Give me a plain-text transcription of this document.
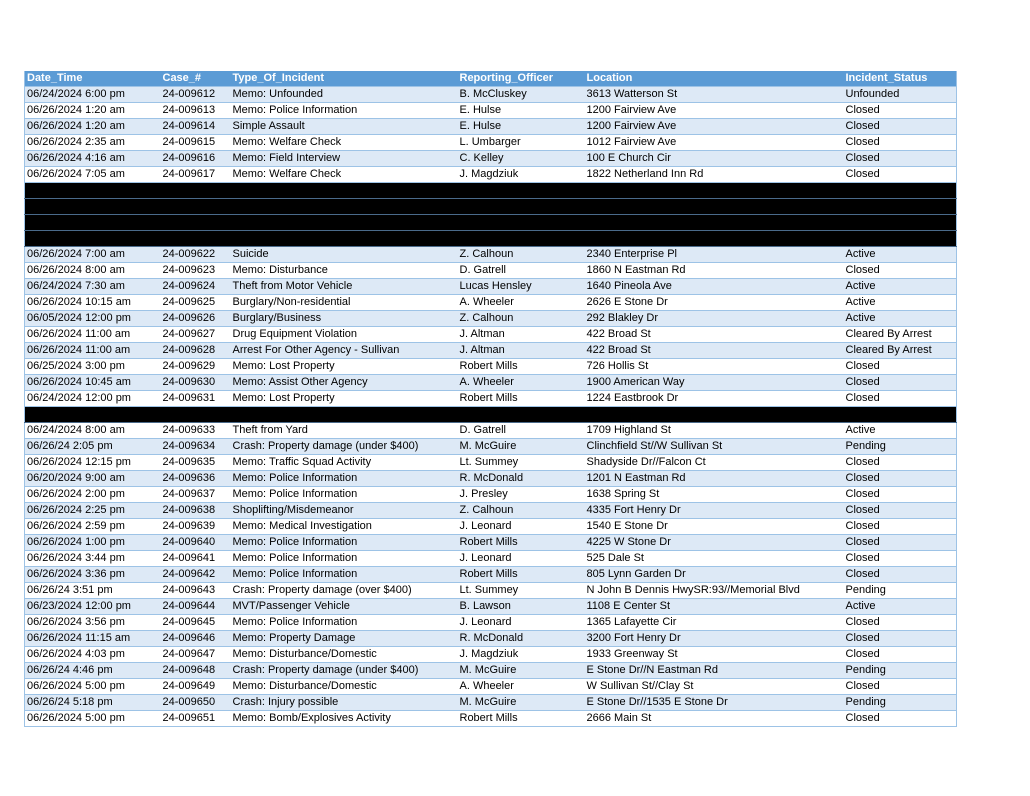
Date_Time	Case_#	Type_Of_Incident	Reporting_Officer	Location	Incident_Status
06/24/2024 6:00 pm	24-009612	Memo: Unfounded	B. McCluskey	3613 Watterson St	Unfounded
06/26/2024 1:20 am	24-009613	Memo: Police Information	E. Hulse	1200 Fairview Ave	Closed
06/26/2024 1:20 am	24-009614	Simple Assault	E. Hulse	1200 Fairview Ave	Closed
06/26/2024 2:35 am	24-009615	Memo: Welfare Check	L. Umbarger	1012 Fairview Ave	Closed
06/26/2024 4:16 am	24-009616	Memo: Field Interview	C. Kelley	100 E Church Cir	Closed
06/26/2024 7:05 am	24-009617	Memo: Welfare Check	J. Magdziuk	1822 Netherland Inn Rd	Closed

06/26/2024 7:00 am	24-009622	Suicide	Z. Calhoun	2340 Enterprise Pl	Active
06/26/2024 8:00 am	24-009623	Memo: Disturbance	D. Gatrell	1860 N Eastman Rd	Closed
06/24/2024 7:30 am	24-009624	Theft from Motor Vehicle	Lucas Hensley	1640 Pineola Ave	Active
06/26/2024 10:15 am	24-009625	Burglary/Non-residential	A. Wheeler	2626 E Stone Dr	Active
06/05/2024 12:00 pm	24-009626	Burglary/Business	Z. Calhoun	292 Blakley Dr	Active
06/26/2024 11:00 am	24-009627	Drug Equipment Violation	J. Altman	422 Broad St	Cleared By Arrest
06/26/2024 11:00 am	24-009628	Arrest For Other Agency - Sullivan	J. Altman	422 Broad St	Cleared By Arrest
06/25/2024 3:00 pm	24-009629	Memo: Lost Property	Robert Mills	726 Hollis St	Closed
06/26/2024 10:45 am	24-009630	Memo: Assist Other Agency	A. Wheeler	1900 American Way	Closed
06/24/2024 12:00 pm	24-009631	Memo: Lost Property	Robert Mills	1224 Eastbrook Dr	Closed

06/24/2024 8:00 am	24-009633	Theft from Yard	D. Gatrell	1709 Highland St	Active
06/26/24 2:05 pm	24-009634	Crash: Property damage (under $400)	M. McGuire	Clinchfield St//W Sullivan St	Pending
06/26/2024 12:15 pm	24-009635	Memo: Traffic Squad Activity	Lt. Summey	Shadyside Dr//Falcon Ct	Closed
06/20/2024 9:00 am	24-009636	Memo: Police Information	R. McDonald	1201 N Eastman Rd	Closed
06/26/2024 2:00 pm	24-009637	Memo: Police Information	J. Presley	1638 Spring St	Closed
06/26/2024 2:25 pm	24-009638	Shoplifting/Misdemeanor	Z. Calhoun	4335 Fort Henry Dr	Closed
06/26/2024 2:59 pm	24-009639	Memo: Medical Investigation	J. Leonard	1540 E Stone Dr	Closed
06/26/2024 1:00 pm	24-009640	Memo: Police Information	Robert Mills	4225 W Stone Dr	Closed
06/26/2024 3:44 pm	24-009641	Memo: Police Information	J. Leonard	525 Dale St	Closed
06/26/2024 3:36 pm	24-009642	Memo: Police Information	Robert Mills	805 Lynn Garden Dr	Closed
06/26/24 3:51 pm	24-009643	Crash: Property damage (over $400)	Lt. Summey	N John B Dennis HwySR:93//Memorial Blvd	Pending
06/23/2024 12:00 pm	24-009644	MVT/Passenger Vehicle	B. Lawson	1108 E Center St	Active
06/26/2024 3:56 pm	24-009645	Memo: Police Information	J. Leonard	1365 Lafayette Cir	Closed
06/26/2024 11:15 am	24-009646	Memo: Property Damage	R. McDonald	3200 Fort Henry Dr	Closed
06/26/2024 4:03 pm	24-009647	Memo: Disturbance/Domestic	J. Magdziuk	1933 Greenway St	Closed
06/26/24 4:46 pm	24-009648	Crash: Property damage (under $400)	M. McGuire	E Stone Dr//N Eastman Rd	Pending
06/26/2024 5:00 pm	24-009649	Memo: Disturbance/Domestic	A. Wheeler	W Sullivan St//Clay St	Closed
06/26/24 5:18 pm	24-009650	Crash: Injury possible	M. McGuire	E Stone Dr//1535 E Stone Dr	Pending
06/26/2024 5:00 pm	24-009651	Memo: Bomb/Explosives Activity	Robert Mills	2666 Main St	Closed
